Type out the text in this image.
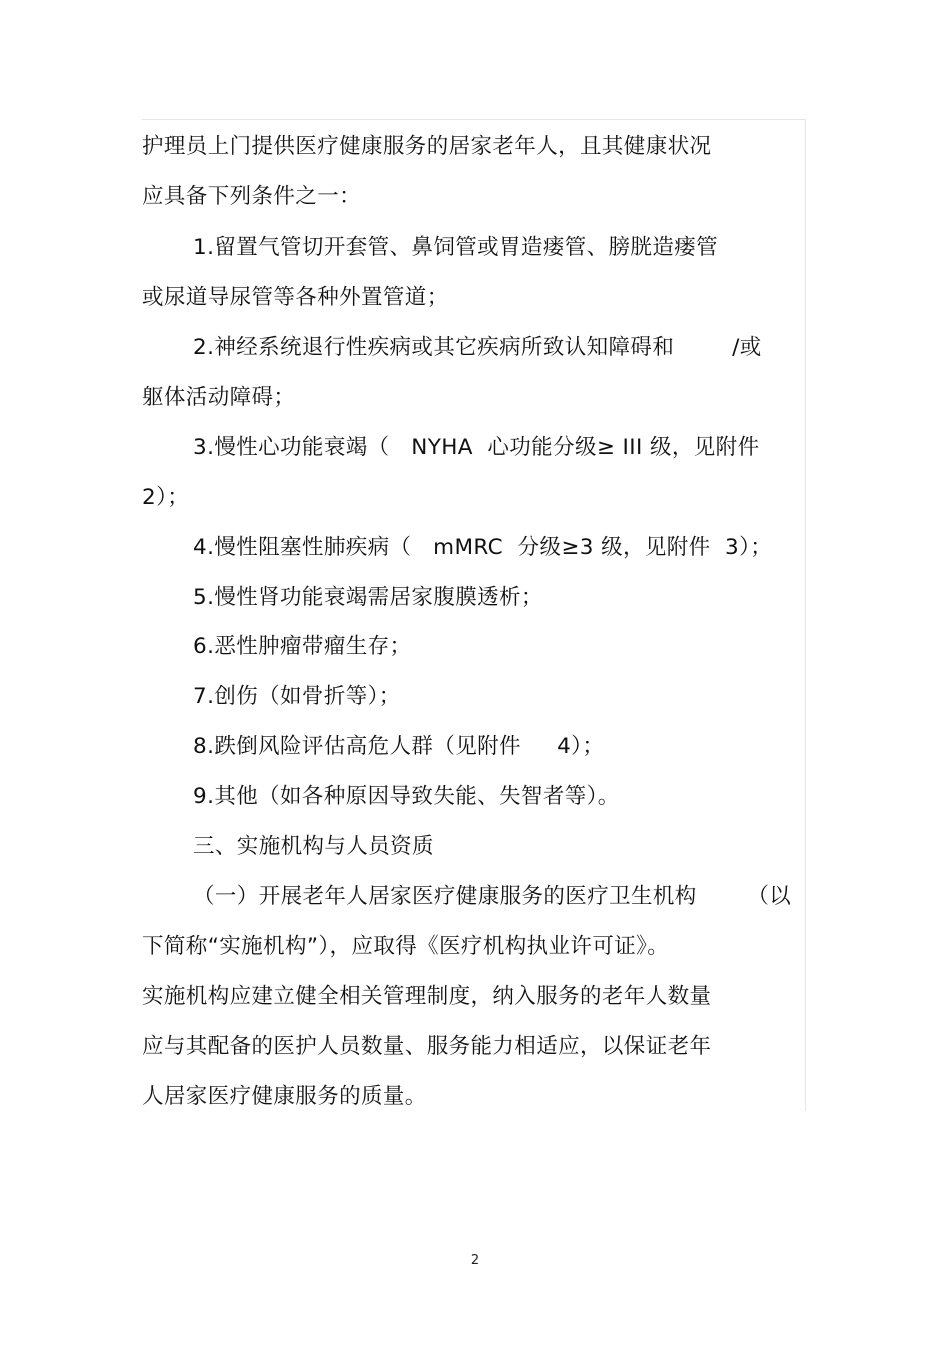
护理员上门提供医疗健康服务的居家老年人，且其健康状况
应具备下列条件之一：
1.留置气管切开套管、鼻饲管或胃造瘘管、膀胱造瘘管
或尿道导尿管等各种外置管道；
2.神经系统退行性疾病或其它疾病所致认知障碍和        /或
躯体活动障碍；
3.慢性心功能衰竭（   NYHA  心功能分级≥ III 级，见附件
2）；
4.慢性阻塞性肺疾病（   mMRC  分级≥3 级，见附件  3）；
5.慢性肾功能衰竭需居家腹膜透析；
6.恶性肿瘤带瘤生存；
7.创伤（如骨折等）；
8.跌倒风险评估高危人群（见附件     4）；
9.其他（如各种原因导致失能、失智者等）。
三、实施机构与人员资质
（一）开展老年人居家医疗健康服务的医疗卫生机构       （以
下简称“实施机构”），应取得《医疗机构执业许可证》。
实施机构应建立健全相关管理制度，纳入服务的老年人数量
应与其配备的医护人员数量、服务能力相适应，以保证老年
人居家医疗健康服务的质量。
2
